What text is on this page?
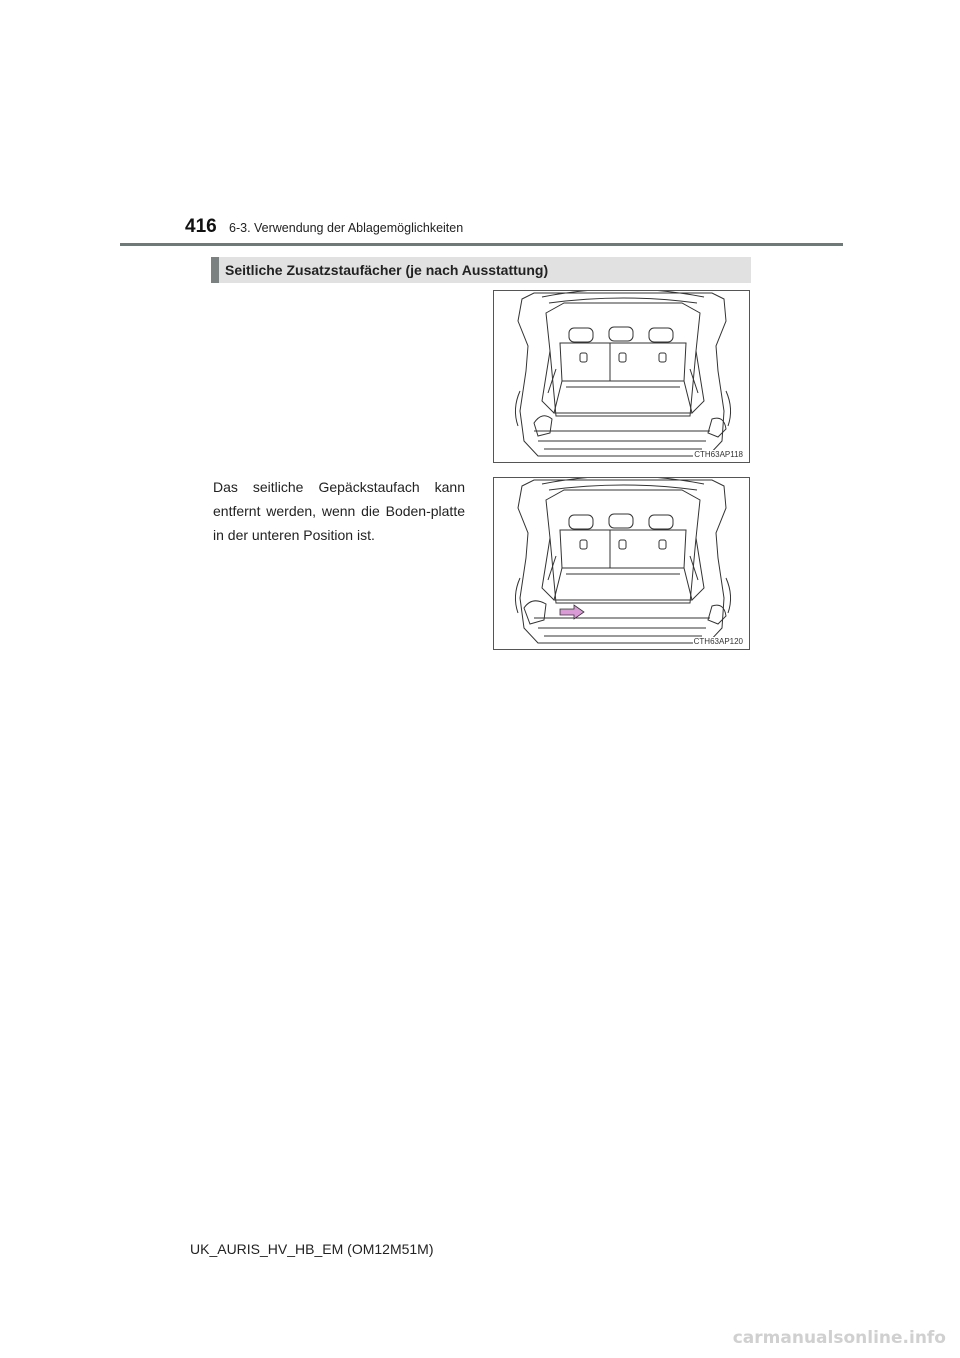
416 6-3. Verwendung der Ablagemöglichkeiten
Seitliche Zusatzstaufächer (je nach Ausstattung)
CTH63AP118
Das seitliche Gepäckstaufach kann entfernt werden, wenn die Boden-platte in der unteren Position ist.
CTH63AP120
UK_AURIS_HV_HB_EM (OM12M51M)
carmanualsonline.info
